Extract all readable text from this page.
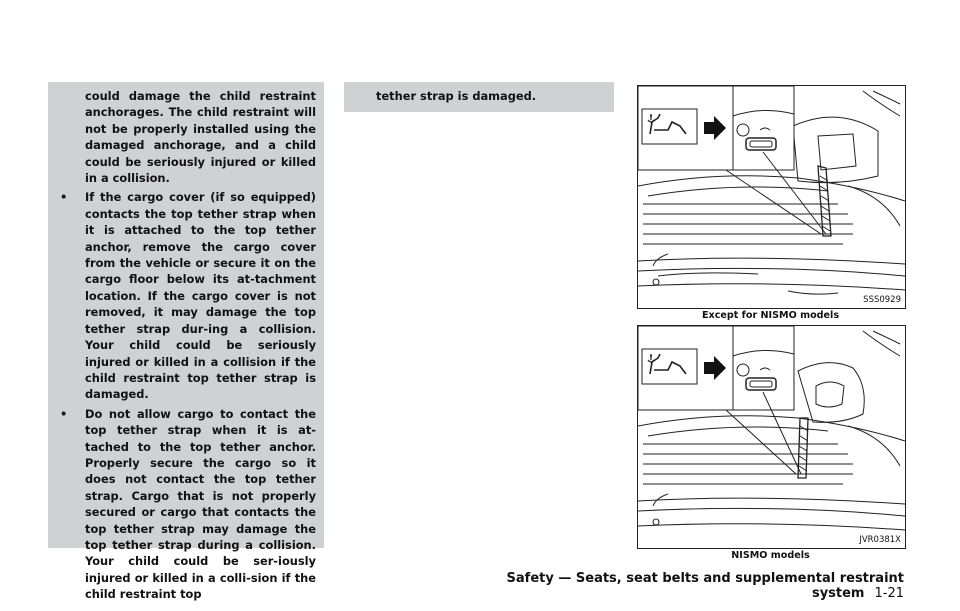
could damage the child restraint anchorages. The child restraint will not be properly installed using the damaged anchorage, and a child could be seriously injured or killed in a collision.

• If the cargo cover (if so equipped) contacts the top tether strap when it is attached to the top tether anchor, remove the cargo cover from the vehicle or secure it on the cargo floor below its at-tachment location. If the cargo cover is not removed, it may damage the top tether strap dur-ing a collision. Your child could be seriously injured or killed in a collision if the child restraint top tether strap is damaged.
• Do not allow cargo to contact the top tether strap when it is at-tached to the top tether anchor. Properly secure the cargo so it does not contact the top tether strap. Cargo that is not properly secured or cargo that contacts the top tether strap may damage the top tether strap during a collision. Your child could be ser-iously injured or killed in a colli-sion if the child restraint top

tether strap is damaged.

SSS0929
Except for NISMO models
JVR0381X
NISMO models
Safety — Seats, seat belts and supplemental restraint system 1-21
